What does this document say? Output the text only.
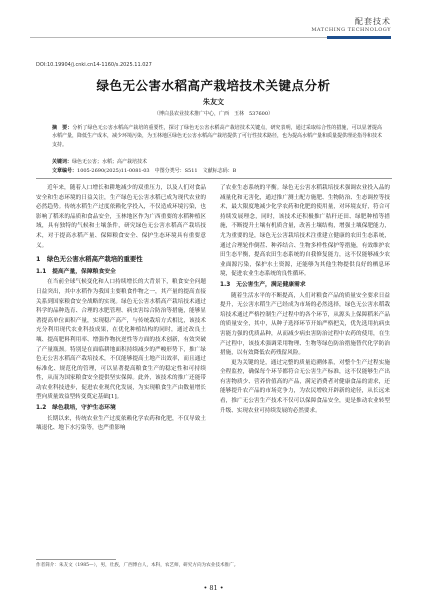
配套技术
MATCHING TECHNOLOGY
DOI:10.19904/j.cnki.cn14-1160/s.2025.11.027
绿色无公害水稻高产栽培技术关键点分析
朱友文
（博白县农业技术推广中心，广西　玉林　537600）
摘　要：分析了绿色无公害水稻高产栽培的重要性，探讨了绿色无公害水稻高产栽培技术关键点，研究表明，通过采取综合性的措施，可以显著提高水稻产量，降低生产成本，减少环境污染，为玉林地区绿色无公害水稻高产栽培提供了可行性技术路径，也为提高水稻产量和质量提供理论指导和技术支持。
关键词：绿色无公害；水稻；高产栽培技术
文章编号：1005-2690(2025)11-0081-03　中图分类号：S511　文献标志码：B

近年来，随着人口增长和耕地减少的双重压力，以及人们对食品安全和生态环境的日益关注，生产绿色无公害水稻已成为现代农业的必然趋势。传统水稻生产过度依赖化学投入，不仅造成环境污染，也影响了稻米的品质和食品安全，玉林地区作为广西重要的水稻种植区域，具有独特的气候和土壤条件，研究绿色无公害水稻高产栽培技术，对于提高水稻产量、保障粮食安全、保护生态环境具有重要意义。

1　绿色无公害水稻高产栽培的重要性
1.1　提高产量，保障粮食安全

在当前全球气候变化和人口持续增长的大背景下，粮食安全问题日益突出，其中水稻作为我国主要粮食作物之一，其产量的提高直接关系到国家粮食安全战略的实现。绿色无公害水稻高产栽培技术通过科学的品种选育、合理的水肥管理、病虫害综合防治等措施，能够显著提高单位面积产量，实现稳产高产，与传统栽培方式相比，该技术充分利用现代农业科技成果，在优化种植结构的同时，通过改良土壤、提高肥料利用率、增强作物抗逆性等方面的技术创新，有效突破了产量瓶颈。特别是在面临耕地面积持续减少的严峻形势下，推广绿色无公害水稻高产栽培技术，不仅能够提高土地产出效率，而且通过标准化、规范化的管理，可以显著提高粮食生产的稳定性和可持续性，从而为国家粮食安全提供坚实保障。此外，该技术的推广还能带动农业科技进步，促进农业现代化发展，为实现粮食生产由数量增长型向质量效益型转变奠定基础[1]。

1.2　绿色栽培，守护生态环境

长期以来，传统农业生产过度依赖化学农药和化肥，不仅导致土壤退化、地下水污染等，也严重影响

了农业生态系统的平衡。绿色无公害水稻栽培技术强调农业投入品的减量化和无害化，通过推广测土配方施肥、生物防治、生态调控等技术，最大限度地减少化学农药和化肥的使用量，对环境友好，符合可持续发展理念，同时，该技术还积极推广秸秆还田、绿肥种植等措施，不断提升土壤有机质含量，改善土壤结构，增强土壤保肥能力，尤为重要的是，绿色无公害栽培技术注重建立健康的农田生态系统，通过合理轮作倒茬、种养结合、生物多样性保护等措施，有效维护农田生态平衡，提高农田生态系统的自我修复能力，这不仅能够减少农业面源污染，保护水土资源，还能够为其他生物提供良好的栖息环境，促进农业生态系统的良性循环。

1.3　无公害生产，满足健康需求

随着生活水平的不断提高，人们对粮食产品的质量安全要求日益提升，无公害水稻生产已经成为市场的必然选择，绿色无公害水稻栽培技术通过严格控制生产过程中的各个环节，从源头上保障稻米产品的质量安全，其中，从种子选择环节开始严格把关，优先选用抗病虫害能力强的优质品种，从而减少病虫害防治过程中农药的使用，在生产过程中，该技术强调采用物理、生物等绿色防治措施替代化学防治措施，以有效降低农药残留风险。

更为关键的是，通过完整的质量追溯体系，对整个生产过程实施全程监控，确保每个环节都符合无公害生产标准，这不仅能够生产出有害物质少、营养价值高的产品，满足消费者对健康食品的需求，还能够提升农产品的市场竞争力，为农民增收开辟新的途径，从长远来看，推广无公害生产技术不仅可以保障食品安全，更是推动农业转型升级、实现农业可持续发展的必然要求。

作者简介：朱友文（1985—），男，壮族，广西博白人，本科，农艺师，研究方向为农业技术推广。
• 81 •
